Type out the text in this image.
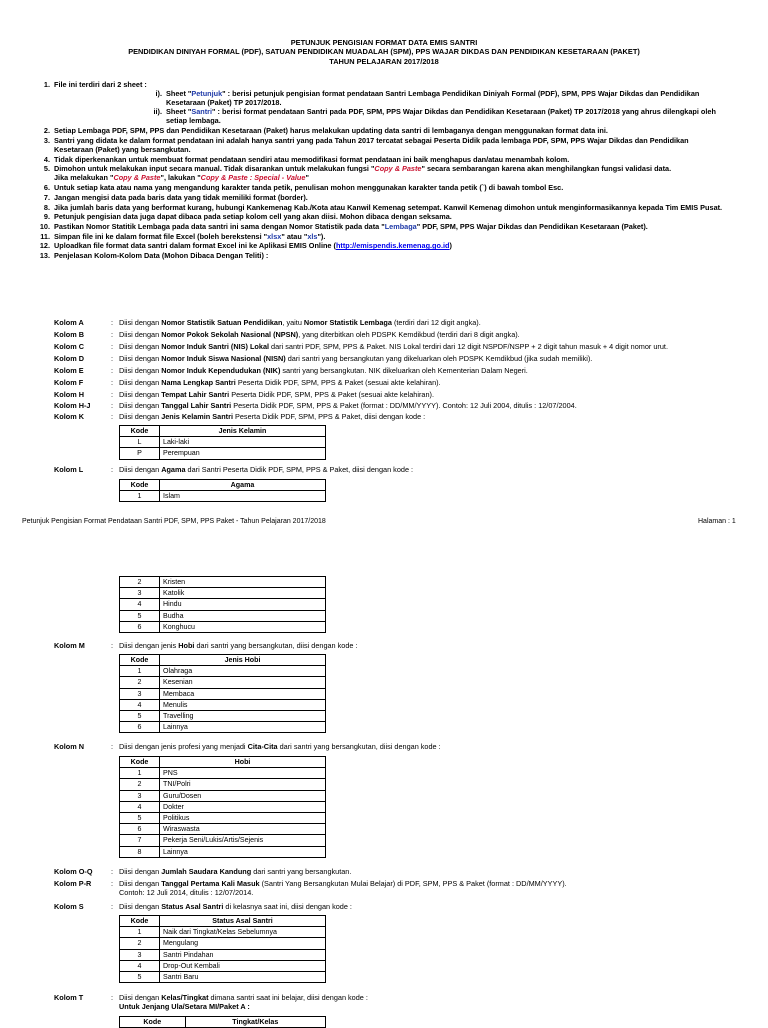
PETUNJUK PENGISIAN FORMAT DATA EMIS SANTRI
PENDIDIKAN DINIYAH FORMAL (PDF), SATUAN PENDIDIKAN MUADALAH (SPM), PPS WAJAR DIKDAS DAN PENDIDIKAN KESETARAAN (PAKET)
TAHUN PELAJARAN 2017/2018
1. File ini terdiri dari 2 sheet :
i). Sheet "Petunjuk" : berisi petunjuk pengisian format pendataan Santri Lembaga Pendidikan Diniyah Formal (PDF), SPM, PPS Wajar Dikdas dan Pendidikan Kesetaraan (Paket) TP 2017/2018.
ii). Sheet "Santri" : berisi format pendataan Santri pada PDF, SPM, PPS Wajar Dikdas dan Pendidikan Kesetaraan (Paket) TP 2017/2018 yang ahrus dilengkapi oleh setiap lembaga.
2. Setiap Lembaga PDF, SPM, PPS dan Pendidikan Kesetaraan (Paket) harus melakukan updating data santri di lembaganya dengan menggunakan format data ini.
3. Santri yang didata ke dalam format pendataan ini adalah hanya santri yang pada Tahun 2017 tercatat sebagai Peserta Didik pada lembaga PDF, SPM, PPS Wajar Dikdas dan Pendidikan Kesetaraan (Paket) yang bersangkutan.
4. Tidak diperkenankan untuk membuat format pendataan sendiri atau memodifikasi format pendataan ini baik menghapus dan/atau menambah kolom.
5. Dimohon untuk melakukan input secara manual. Tidak disarankan untuk melakukan fungsi "Copy & Paste" secara sembarangan karena akan menghilangkan fungsi validasi data.
Jika melakukan "Copy & Paste", lakukan "Copy & Paste : Special - Value"
6. Untuk setiap kata atau nama yang mengandung karakter tanda petik, penulisan mohon menggunakan karakter tanda petik (`) di bawah tombol Esc.
7. Jangan mengisi data pada baris data yang tidak memiliki format (border).
8. Jika jumlah baris data yang berformat kurang, hubungi Kankemenag Kab./Kota atau Kanwil Kemenag setempat. Kanwil Kemenag dimohon untuk menginformasikannya kepada Tim EMIS Pusat.
9. Petunjuk pengisian data juga dapat dibaca pada setiap kolom cell yang akan diisi. Mohon dibaca dengan seksama.
10. Pastikan Nomor Statitik Lembaga pada data santri ini sama dengan Nomor Statistik pada data "Lembaga" PDF, SPM, PPS Wajar Dikdas dan Pendidikan Kesetaraan (Paket).
11. Simpan file ini ke dalam format file Excel (boleh berekstensi "xlsx" atau "xls").
12. Uploadkan file format data santri dalam format Excel ini ke Aplikasi EMIS Online (http://emispendis.kemenag.go.id)
13. Penjelasan Kolom-Kolom Data (Mohon Dibaca Dengan Teliti) :
Kolom A	: Diisi dengan Nomor Statistik Satuan Pendidikan, yaitu Nomor Statistik Lembaga (terdiri dari 12 digit angka).
Kolom B	: Diisi dengan Nomor Pokok Sekolah Nasional (NPSN), yang diterbitkan oleh PDSPK Kemdikbud (terdiri dari 8 digit angka).
Kolom C	: Diisi dengan Nomor Induk Santri (NIS) Lokal dari santri PDF, SPM, PPS & Paket. NIS Lokal terdiri dari 12 digit NSPDF/NSPP + 2 digit tahun masuk + 4 digit nomor urut.
Kolom D	: Diisi dengan Nomor Induk Siswa Nasional (NISN) dari santri yang bersangkutan yang dikeluarkan oleh PDSPK Kemdikbud (jika sudah memiliki).
Kolom E	: Diisi dengan Nomor Induk Kependudukan (NIK) santri yang bersangkutan. NIK dikeluarkan oleh Kementerian Dalam Negeri.
Kolom F	: Diisi dengan Nama Lengkap Santri Peserta Didik PDF, SPM, PPS & Paket (sesuai akte kelahiran).
Kolom H	: Diisi dengan Tempat Lahir Santri Peserta Didik PDF, SPM, PPS & Paket (sesuai akte kelahiran).
Kolom H-J	: Diisi dengan Tanggal Lahir Santri Peserta Didik PDF, SPM, PPS & Paket (format : DD/MM/YYYY). Contoh: 12 Juli 2004, ditulis : 12/07/2004.
Kolom K	: Diisi dengan Jenis Kelamin Santri Peserta Didik PDF, SPM, PPS & Paket, diisi dengan kode :
Kode	Jenis Kelamin
L	Laki-laki
P	Perempuan
Kolom L	: Diisi dengan Agama dari Santri Peserta Didik PDF, SPM, PPS & Paket, diisi dengan kode :
Kode	Agama
1	Islam
Petunjuk Pengisian Format Pendataan Santri PDF, SPM, PPS Paket - Tahun Pelajaran 2017/2018	Halaman : 1
2	Kristen
3	Katolik
4	Hindu
5	Budha
6	Konghucu
Kolom M	: Diisi dengan jenis Hobi dari santri yang bersangkutan, diisi dengan kode :
Kode	Jenis Hobi
1	Olahraga
2	Kesenian
3	Membaca
4	Menulis
5	Travelling
6	Lainnya
Kolom N	: Diisi dengan jenis profesi yang menjadi Cita-Cita dari santri yang bersangkutan, diisi dengan kode :
Kode	Hobi
1	PNS
2	TNI/Polri
3	Guru/Dosen
4	Dokter
5	Politikus
6	Wiraswasta
7	Pekerja Seni/Lukis/Artis/Sejenis
8	Lainnya
Kolom O-Q	: Diisi dengan Jumlah Saudara Kandung dari santri yang bersangkutan.
Kolom P-R	: Diisi dengan Tanggal Pertama Kali Masuk (Santri Yang Bersangkutan Mulai Belajar) di PDF, SPM, PPS & Paket (format : DD/MM/YYYY).
Contoh: 12 Juli 2014, ditulis : 12/07/2014.
Kolom S	: Diisi dengan Status Asal Santri di kelasnya saat ini, diisi dengan kode :
Kode	Status Asal Santri
1	Naik dari Tingkat/Kelas Sebelumnya
2	Mengulang
3	Santri Pindahan
4	Drop-Out Kembali
5	Santri Baru
Kolom T	: Diisi dengan Kelas/Tingkat dimana santri saat ini belajar, diisi dengan kode :
Untuk Jenjang Ula/Setara MI/Paket A :
Kode	Tingkat/Kelas
